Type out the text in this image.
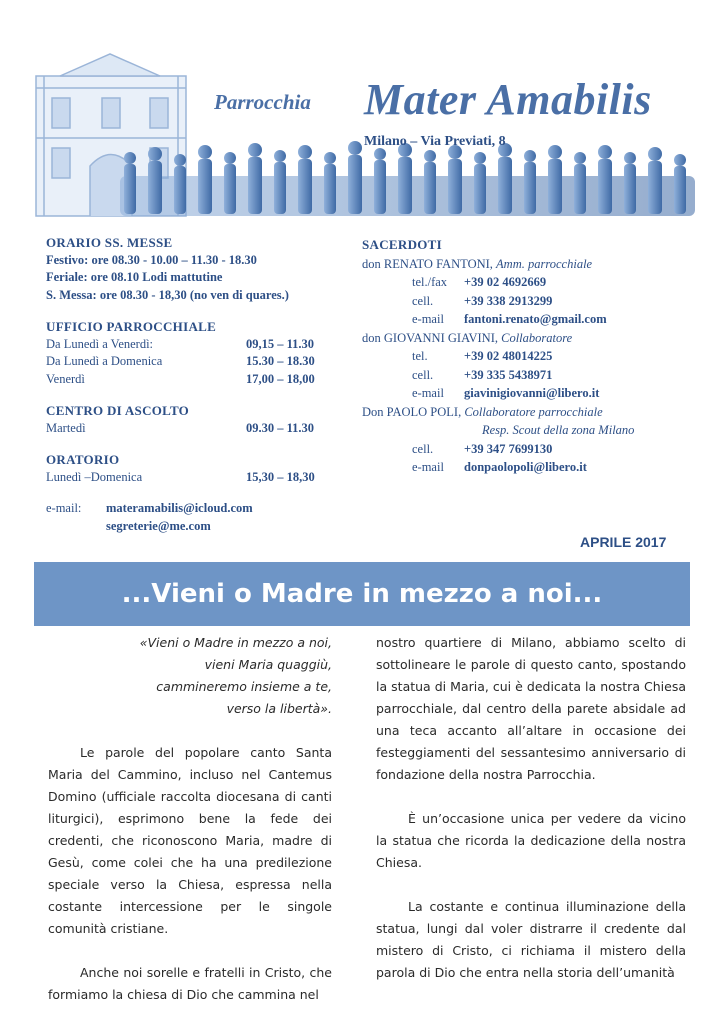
Parrocchia Mater Amabilis
Milano – Via Previati, 8
ORARIO SS. MESSE
Festivo: ore 08.30 - 10.00 – 11.30 - 18.30
Feriale: ore 08.10 Lodi mattutine
S. Messa: ore 08.30 - 18,30 (no ven di quares.)
UFFICIO PARROCCHIALE
Da Lunedì a Venerdì:	09,15 – 11.30
Da Lunedì a Domenica	15.30 – 18.30
Venerdì	17,00 – 18,00
CENTRO DI ASCOLTO
Martedì	09.30 – 11.30
ORATORIO
Lunedì –Domenica	15,30 – 18,30
e-mail:	materamabilis@icloud.com
segreterie@me.com
SACERDOTI
don RENATO FANTONI, Amm. parrocchiale
tel./fax	+39 02 4692669
cell.	+39 338 2913299
e-mail	fantoni.renato@gmail.com
don GIOVANNI GIAVINI, Collaboratore
tel.	+39 02 48014225
cell.	+39 335 5438971
e-mail	giavinigiovanni@libero.it
Don PAOLO POLI, Collaboratore parrocchiale
Resp. Scout della zona Milano
cell.	+39 347 7699130
e-mail	donpaolopoli@libero.it
APRILE 2017
...Vieni o Madre in mezzo a noi...
«Vieni o Madre in mezzo a noi,
vieni Maria quaggiù,
cammineremo insieme a te,
verso la libertà».
Le parole del popolare canto Santa Maria del Cammino, incluso nel Cantemus Domino (ufficiale raccolta diocesana di canti liturgici), esprimono bene la fede dei credenti, che riconoscono Maria, madre di Gesù, come colei che ha una predilezione speciale verso la Chiesa, espressa nella costante intercessione per le singole comunità cristiane.
Anche noi sorelle e fratelli in Cristo, che formiamo la chiesa di Dio che cammina nel
nostro quartiere di Milano, abbiamo scelto di sottolineare le parole di questo canto, spostando la statua di Maria, cui è dedicata la nostra Chiesa parrocchiale, dal centro della parete absidale ad una teca accanto all’altare in occasione dei festeggiamenti del sessantesimo anniversario di fondazione della nostra Parrocchia.
È un’occasione unica per vedere da vicino la statua che ricorda la dedicazione della nostra Chiesa.
La costante e continua illuminazione della statua, lungi dal voler distrarre il credente dal mistero di Cristo, ci richiama il mistero della parola di Dio che entra nella storia dell’umanità
